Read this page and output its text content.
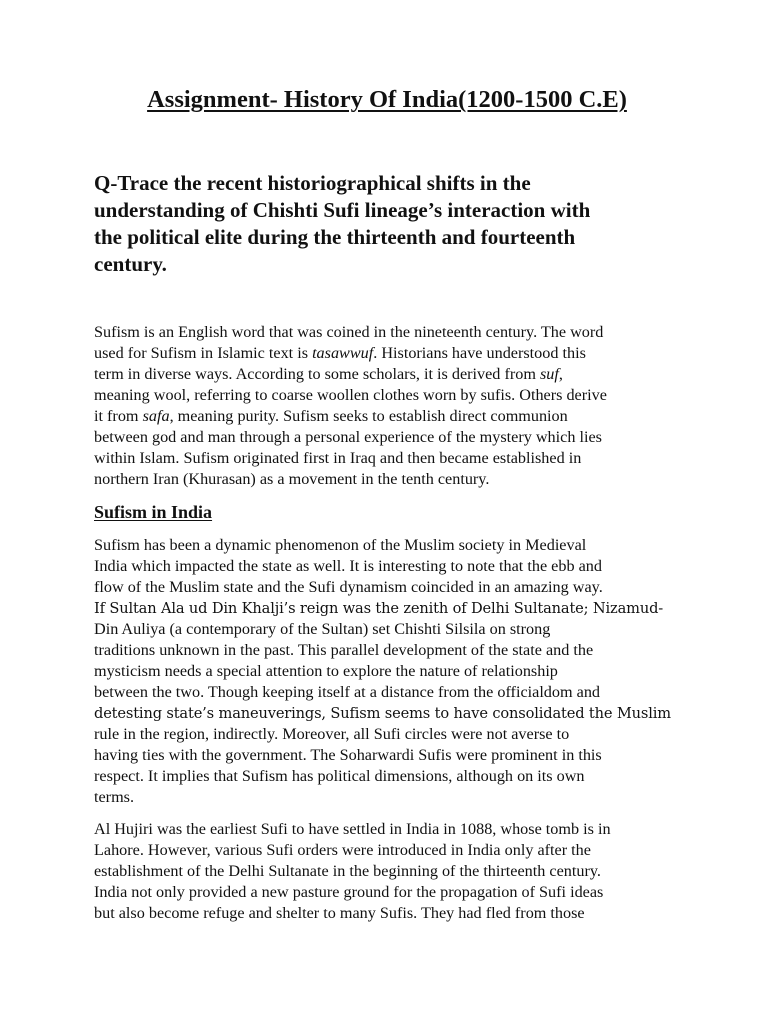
Assignment- History Of India(1200-1500 C.E)
Q-Trace the recent historiographical shifts in the
understanding of Chishti Sufi lineage’s interaction with
the political elite during the thirteenth and fourteenth
century.

Sufism is an English word that was coined in the nineteenth century. The word
used for Sufism in Islamic text is tasawwuf. Historians have understood this
term in diverse ways. According to some scholars, it is derived from suf,
meaning wool, referring to coarse woollen clothes worn by sufis. Others derive
it from safa, meaning purity. Sufism seeks to establish direct communion
between god and man through a personal experience of the mystery which lies
within Islam. Sufism originated first in Iraq and then became established in
northern Iran (Khurasan) as a movement in the tenth century.

Sufism in India

Sufism has been a dynamic phenomenon of the Muslim society in Medieval
India which impacted the state as well. It is interesting to note that the ebb and
flow of the Muslim state and the Sufi dynamism coincided in an amazing way.
If Sultan Ala ud Din Khalji’s reign was the zenith of Delhi Sultanate; Nizamud-
Din Auliya (a contemporary of the Sultan) set Chishti Silsila on strong
traditions unknown in the past. This parallel development of the state and the
mysticism needs a special attention to explore the nature of relationship
between the two. Though keeping itself at a distance from the officialdom and
detesting state’s maneuverings, Sufism seems to have consolidated the Muslim
rule in the region, indirectly. Moreover, all Sufi circles were not averse to
having ties with the government. The Soharwardi Sufis were prominent in this
respect. It implies that Sufism has political dimensions, although on its own
terms.

Al Hujiri was the earliest Sufi to have settled in India in 1088, whose tomb is in
Lahore. However, various Sufi orders were introduced in India only after the
establishment of the Delhi Sultanate in the beginning of the thirteenth century.
India not only provided a new pasture ground for the propagation of Sufi ideas
but also become refuge and shelter to many Sufis. They had fled from those
